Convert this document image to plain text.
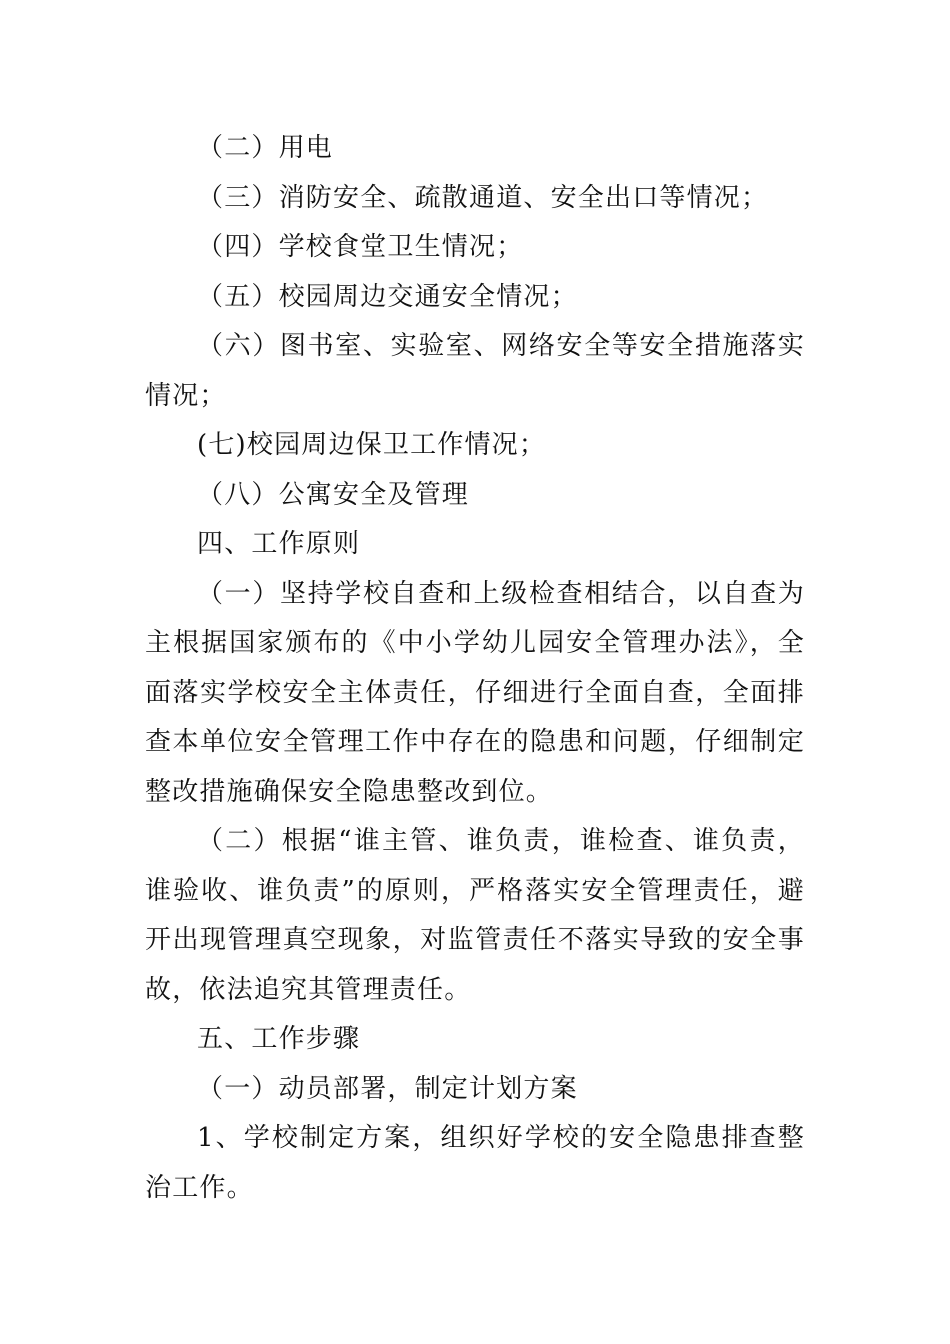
（二）用电

（三）消防安全、疏散通道、安全出口等情况；

（四）学校食堂卫生情况；

（五）校园周边交通安全情况；

（六）图书室、实验室、网络安全等安全措施落实情况；

(七)校园周边保卫工作情况；

（八）公寓安全及管理

四、工作原则

（一）坚持学校自查和上级检查相结合，以自查为主根据国家颁布的《中小学幼儿园安全管理办法》，全面落实学校安全主体责任，仔细进行全面自查，全面排查本单位安全管理工作中存在的隐患和问题，仔细制定整改措施确保安全隐患整改到位。

（二）根据“谁主管、谁负责，谁检查、谁负责，谁验收、谁负责”的原则，严格落实安全管理责任，避开出现管理真空现象，对监管责任不落实导致的安全事故，依法追究其管理责任。

五、工作步骤

（一）动员部署，制定计划方案

1、学校制定方案，组织好学校的安全隐患排查整治工作。
